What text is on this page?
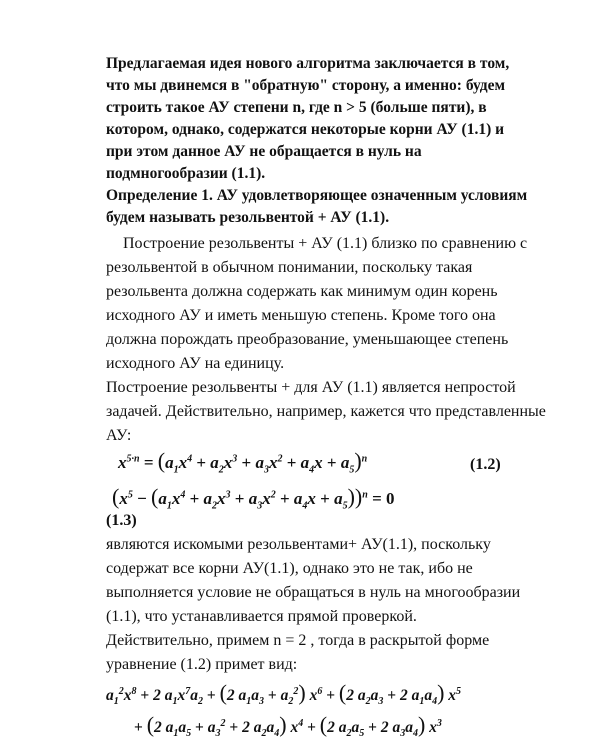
Предлагаемая идея нового алгоритма заключается в том,
что мы двинемся в "обратную" сторону, а именно: будем
строить такое АУ степени n, где n > 5 (больше пяти), в
котором, однако, содержатся некоторые корни АУ (1.1) и
при этом данное АУ не обращается в нуль на
подмногообразии (1.1).
Определение 1. АУ удовлетворяющее означенным условиям
будем называть резольвентой + АУ (1.1).
Построение резольвенты + АУ (1.1) близко по сравнению с
резольвентой в обычном понимании, поскольку такая
резольвента должна содержать как минимум один корень
исходного АУ и иметь меньшую степень. Кроме того она
должна порождать преобразование, уменьшающее степень
исходного АУ на единицу.
Построение резольвенты + для АУ (1.1) является непростой
задачей. Действительно, например, кажется что представленные
АУ:
$x^{5\cdot n} = (a_1x^4 + a_2x^3 + a_3x^2 + a_4x + a_5)^n$	(1.2)
$(x^5 - (a_1x^4 + a_2x^3 + a_3x^2 + a_4x + a_5))^n = 0$
(1.3)
являются искомыми резольвентами+ АУ(1.1), поскольку
содержат все корни АУ(1.1), однако это не так, ибо не
выполняется условие не обращаться в нуль на многообразии
(1.1), что устанавливается прямой проверкой.
Действительно, примем n = 2 , тогда в раскрытой форме
уравнение (1.2) примет вид:
$a_1^2x^8 + 2$ $a_1x^7a_2 + (2$ $a_1a_3 + a_2^2$) $x^6 + (2$ $a_2a_3 + 2$ $a_1a_4$) $x^5$
+ (2 $a_1a_5 + a_3^2 + 2$ $a_2a_4$) $x^4 + (2$ $a_2a_5 + 2$ $a_3a_4$) $x^3$
